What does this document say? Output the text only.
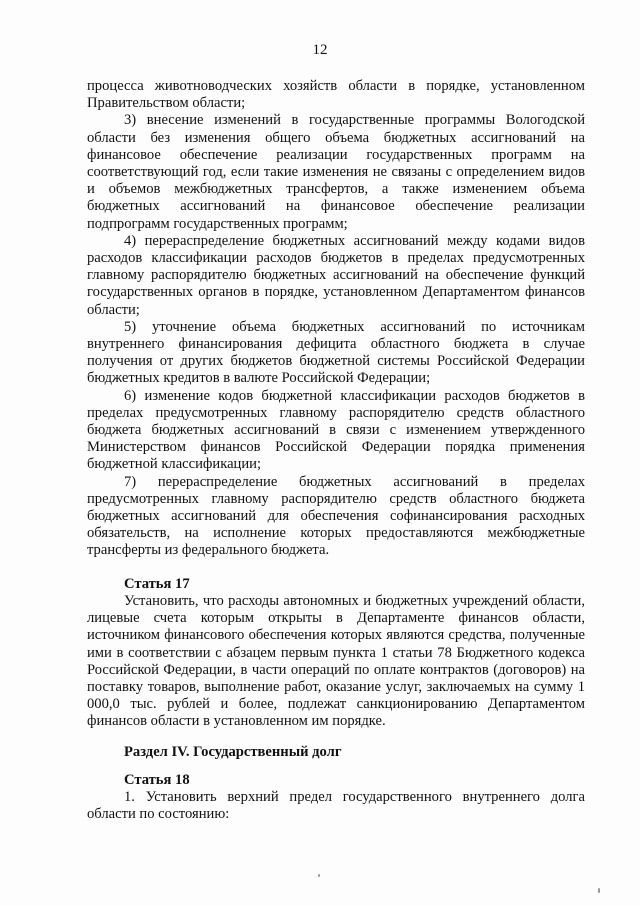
12

процесса животноводческих хозяйств области в порядке, установленном Правительством области;

3) внесение изменений в государственные программы Вологодской области без изменения общего объема бюджетных ассигнований на финансовое обеспечение реализации государственных программ на соответствующий год, если такие изменения не связаны с определением видов и объемов межбюджетных трансфертов, а также изменением объема бюджетных ассигнований на финансовое обеспечение реализации подпрограмм государственных программ;

4) перераспределение бюджетных ассигнований между кодами видов расходов классификации расходов бюджетов в пределах предусмотренных главному распорядителю бюджетных ассигнований на обеспечение функций государственных органов в порядке, установленном Департаментом финансов области;

5) уточнение объема бюджетных ассигнований по источникам внутреннего финансирования дефицита областного бюджета в случае получения от других бюджетов бюджетной системы Российской Федерации бюджетных кредитов в валюте Российской Федерации;

6) изменение кодов бюджетной классификации расходов бюджетов в пределах предусмотренных главному распорядителю средств областного бюджета бюджетных ассигнований в связи с изменением утвержденного Министерством финансов Российской Федерации порядка применения бюджетной классификации;

7) перераспределение бюджетных ассигнований в пределах предусмотренных главному распорядителю средств областного бюджета бюджетных ассигнований для обеспечения софинансирования расходных обязательств, на исполнение которых предоставляются межбюджетные трансферты из федерального бюджета.

Статья 17

Установить, что расходы автономных и бюджетных учреждений области, лицевые счета которым открыты в Департаменте финансов области, источником финансового обеспечения которых являются средства, полученные ими в соответствии с абзацем первым пункта 1 статьи 78 Бюджетного кодекса Российской Федерации, в части операций по оплате контрактов (договоров) на поставку товаров, выполнение работ, оказание услуг, заключаемых на сумму 1 000,0 тыс. рублей и более, подлежат санкционированию Департаментом финансов области в установленном им порядке.

Раздел IV. Государственный долг

Статья 18

1. Установить верхний предел государственного внутреннего долга области по состоянию:
